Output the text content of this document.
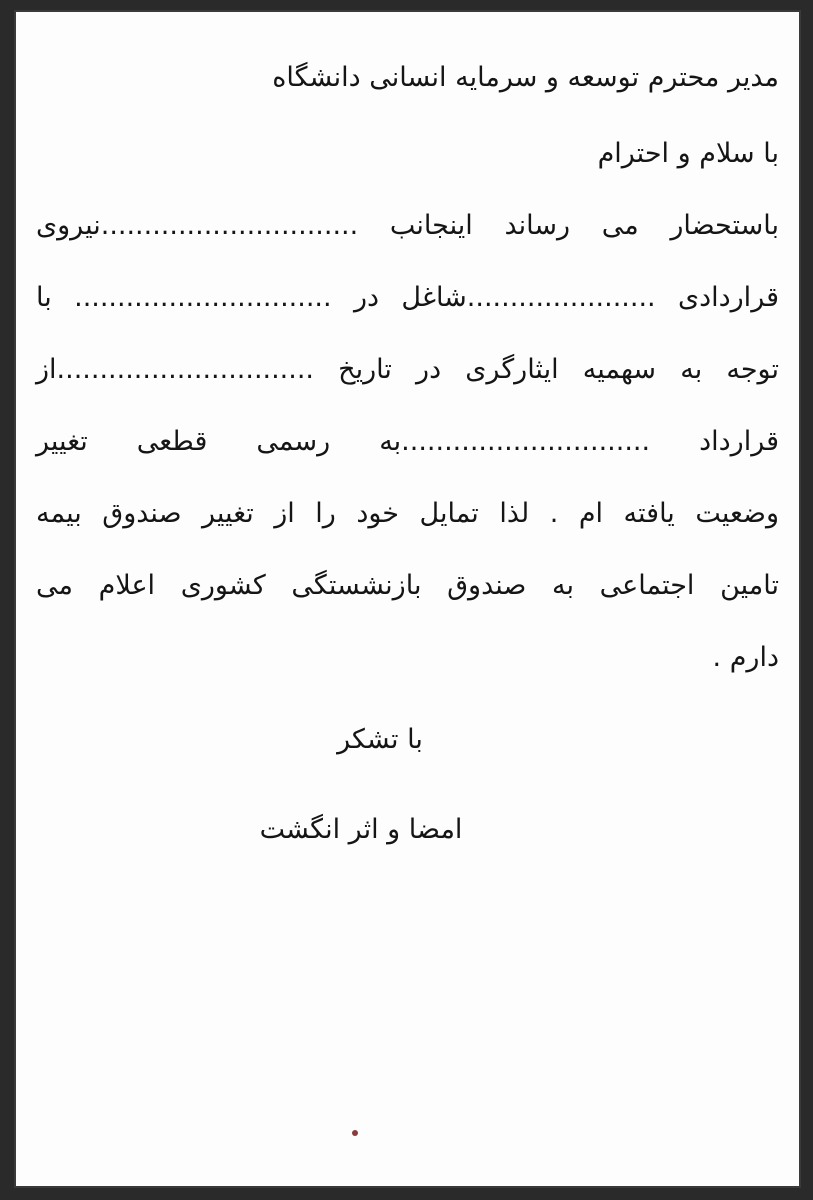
مدیر محترم توسعه و سرمایه انسانی دانشگاه
با سلام و احترام
باستحضار می رساند اینجانب ..............................نیروی
قراردادی ......................شاغل در .............................. با
توجه به سهمیه ایثارگری در تاریخ ..............................از
قرارداد .............................به رسمی قطعی تغییر
وضعیت یافته ام . لذا تمایل خود را از تغییر صندوق بیمه
تامین اجتماعی به صندوق بازنشستگی کشوری اعلام می
دارم .
با تشکر
امضا و اثر انگشت
